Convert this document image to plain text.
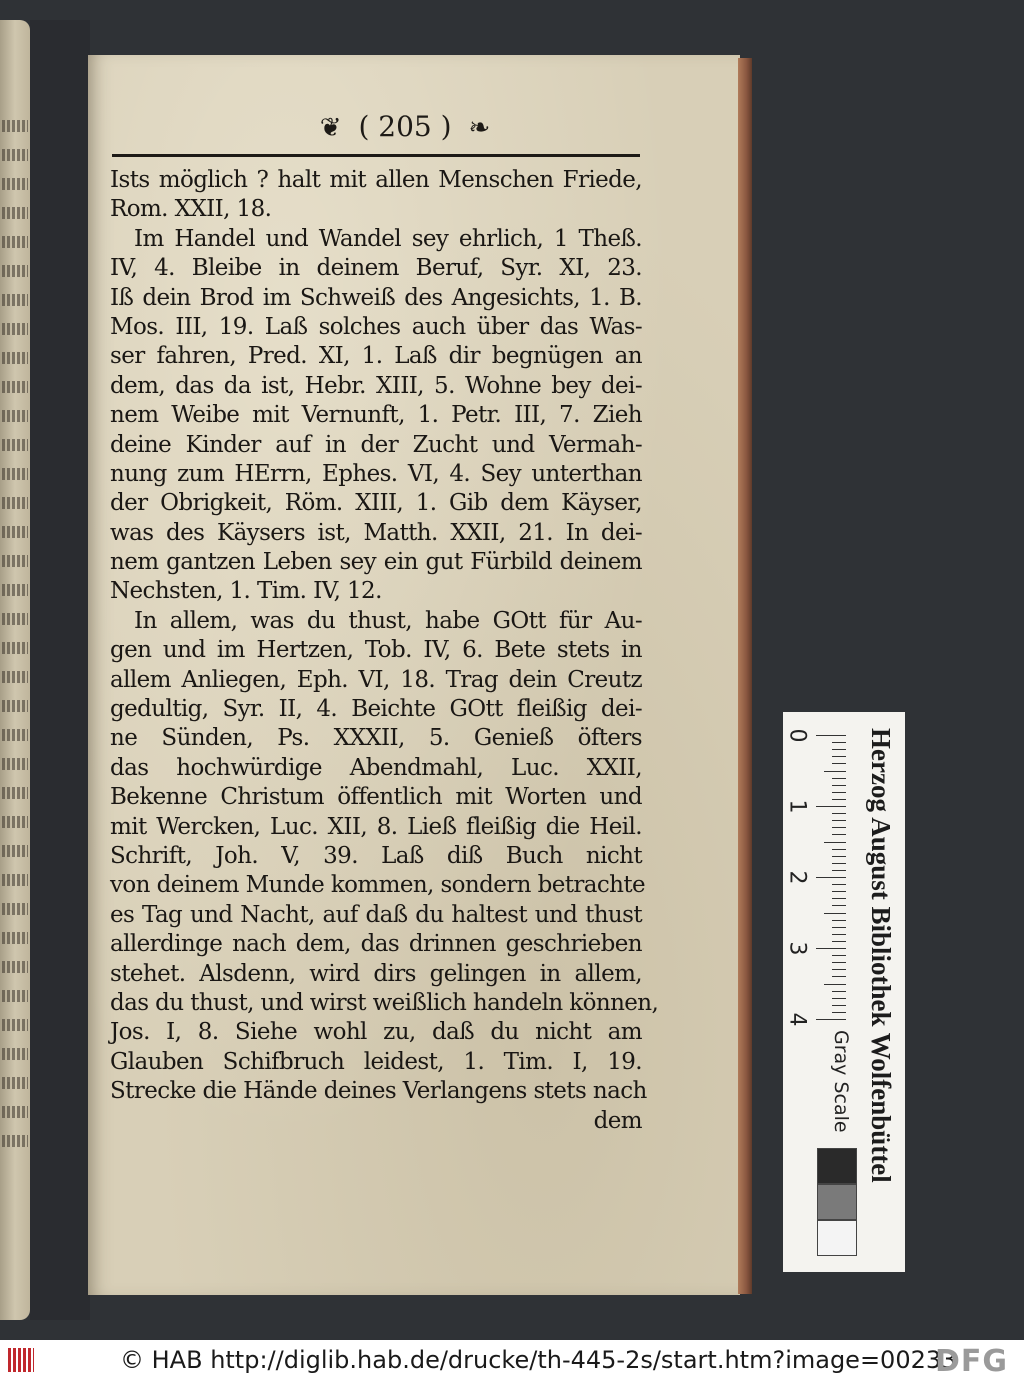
❦ ( 205 ) ❧
Ists möglich ? halt mit allen Menschen Friede,
Rom. XXII, 18.
Im Handel und Wandel sey ehrlich, 1 Theß.
IV, 4. Bleibe in deinem Beruf, Syr. XI, 23.
Iß dein Brod im Schweiß des Angesichts, 1. B.
Mos. III, 19. Laß solches auch über das Was-
ser fahren, Pred. XI, 1. Laß dir begnügen an
dem, das da ist, Hebr. XIII, 5. Wohne bey dei-
nem Weibe mit Vernunft, 1. Petr. III, 7. Zieh
deine Kinder auf in der Zucht und Vermah-
nung zum HErrn, Ephes. VI, 4. Sey unterthan
der Obrigkeit, Röm. XIII, 1. Gib dem Käyser,
was des Käysers ist, Matth. XXII, 21. In dei-
nem gantzen Leben sey ein gut Fürbild deinem
Nechsten, 1. Tim. IV, 12.
In allem, was du thust, habe GOtt für Au-
gen und im Hertzen, Tob. IV, 6. Bete stets in
allem Anliegen, Eph. VI, 18. Trag dein Creutz
gedultig, Syr. II, 4. Beichte GOtt fleißig dei-
ne Sünden, Ps. XXXII, 5. Genieß öfters
das hochwürdige Abendmahl, Luc. XXII,
Bekenne Christum öffentlich mit Worten und
mit Wercken, Luc. XII, 8. Ließ fleißig die Heil.
Schrift, Joh. V, 39. Laß diß Buch nicht
von deinem Munde kommen, sondern betrachte
es Tag und Nacht, auf daß du haltest und thust
allerdinge nach dem, das drinnen geschrieben
stehet. Alsdenn, wird dirs gelingen in allem,
das du thust, und wirst weißlich handeln können,
Jos. I, 8. Siehe wohl zu, daß du nicht am
Glauben Schifbruch leidest, 1. Tim. I, 19.
Strecke die Hände deines Verlangens stets nach
dem	Herzog August Bibliothek Wolfenbüttel
0
1
2
3
4
Gray Scale
© HAB http://diglib.hab.de/drucke/th-445-2s/start.htm?image=00233
DFG
